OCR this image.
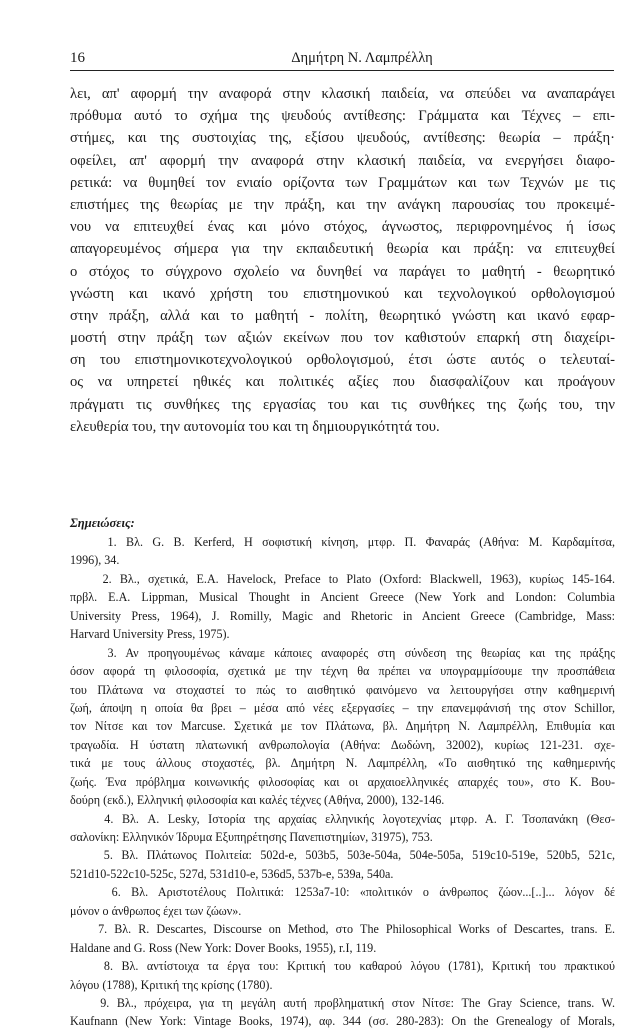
16	Δημήτρη Ν. Λαμπρέλλη
λει, απ' αφορμή την αναφορά στην κλασική παιδεία, να σπεύδει να αναπαράγει
πρόθυμα αυτό το σχήμα της ψευδούς αντίθεσης: Γράμματα και Τέχνες – επι-
στήμες, και της συστοιχίας της, εξίσου ψευδούς, αντίθεσης: θεωρία – πράξη·
οφείλει, απ' αφορμή την αναφορά στην κλασική παιδεία, να ενεργήσει διαφο-
ρετικά: να θυμηθεί τον ενιαίο ορίζοντα των Γραμμάτων και των Τεχνών με τις
επιστήμες της θεωρίας με την πράξη, και την ανάγκη παρουσίας του προκειμέ-
νου να επιτευχθεί ένας και μόνο στόχος, άγνωστος, περιφρονημένος ή ίσως
απαγορευμένος σήμερα για την εκπαιδευτική θεωρία και πράξη: να επιτευχθεί
ο στόχος το σύγχρονο σχολείο να δυνηθεί να παράγει το μαθητή - θεωρητικό
γνώστη και ικανό χρήστη του επιστημονικού και τεχνολογικού ορθολογισμού
στην πράξη, αλλά και το μαθητή - πολίτη, θεωρητικό γνώστη και ικανό εφαρ-
μοστή στην πράξη των αξιών εκείνων που τον καθιστούν επαρκή στη διαχείρι-
ση του επιστημονικοτεχνολογικού ορθολογισμού, έτσι ώστε αυτός ο τελευταί-
ος να υπηρετεί ηθικές και πολιτικές αξίες που διασφαλίζουν και προάγουν
πράγματι τις συνθήκες της εργασίας του και τις συνθήκες της ζωής του, την
ελευθερία του, την αυτονομία του και τη δημιουργικότητά του.
Σημειώσεις:
1. Βλ. G. B. Kerferd, Η σοφιστική κίνηση, μτφρ. Π. Φαναράς (Αθήνα: Μ. Καρδαμίτσα,
1996), 34.
2. Βλ., σχετικά, E.A. Havelock, Preface to Plato (Oxford: Blackwell, 1963), κυρίως 145-164.
πρβλ. E.A. Lippman, Musical Thought in Ancient Greece (New York and London: Columbia
University Press, 1964), J. Romilly, Magic and Rhetoric in Ancient Greece (Cambridge, Mass:
Harvard University Press, 1975).
3. Αν προηγουμένως κάναμε κάποιες αναφορές στη σύνδεση της θεωρίας και της πράξης
όσον αφορά τη φιλοσοφία, σχετικά με την τέχνη θα πρέπει να υπογραμμίσουμε την προσπάθεια
του Πλάτωνα να στοχαστεί το πώς το αισθητικό φαινόμενο να λειτουργήσει στην καθημερινή
ζωή, άποψη η οποία θα βρει – μέσα από νέες εξεργασίες – την επανεμφάνισή της στον Schillor,
τον Νίτσε και τον Marcuse. Σχετικά με τον Πλάτωνα, βλ. Δημήτρη Ν. Λαμπρέλλη, Επιθυμία και
τραγωδία. Η ύστατη πλατωνική ανθρωπολογία (Αθήνα: Δωδώνη, 32002), κυρίως 121-231. σχε-
τικά με τους άλλους στοχαστές, βλ. Δημήτρη Ν. Λαμπρέλλη, «Το αισθητικό της καθημερινής
ζωής. Ένα πρόβλημα κοινωνικής φιλοσοφίας και οι αρχαιοελληνικές απαρχές του», στο Κ. Βου-
δούρη (εκδ.), Ελληνική φιλοσοφία και καλές τέχνες (Αθήνα, 2000), 132-146.
4. Βλ. A. Lesky, Ιστορία της αρχαίας ελληνικής λογοτεχνίας μτφρ. Α. Γ. Τσοπανάκη (Θεσ-
σαλονίκη: Ελληνικόν Ίδρυμα Εξυπηρέτησης Πανεπιστημίων, 31975), 753.
5. Βλ. Πλάτωνος Πολιτεία: 502d-e, 503b5, 503e-504a, 504e-505a, 519c10-519e, 520b5, 521c,
521d10-522c10-525c, 527d, 531d10-e, 536d5, 537b-e, 539a, 540a.
6. Βλ. Αριστοτέλους Πολιτικά: 1253a7-10: «πολιτικόν ο άνθρωπος ζώον...[..]... λόγον δέ
μόνον ο άνθρωπος έχει των ζώων».
7. Βλ. R. Descartes, Discourse on Method, στο The Philosophical Works of Descartes, trans. E.
Haldane and G. Ross (New York: Dover Books, 1955), r.I, 119.
8. Βλ. αντίστοιχα τα έργα του: Κριτική του καθαρού λόγου (1781), Κριτική του πρακτικού
λόγου (1788), Κριτική της κρίσης (1780).
9. Βλ., πρόχειρα, για τη μεγάλη αυτή προβληματική στον Νίτσε: The Gray Science, trans. W.
Kaufnann (New York: Vintage Books, 1974), αφ. 344 (σσ. 280-283): On the Grenealogy of Morals,
